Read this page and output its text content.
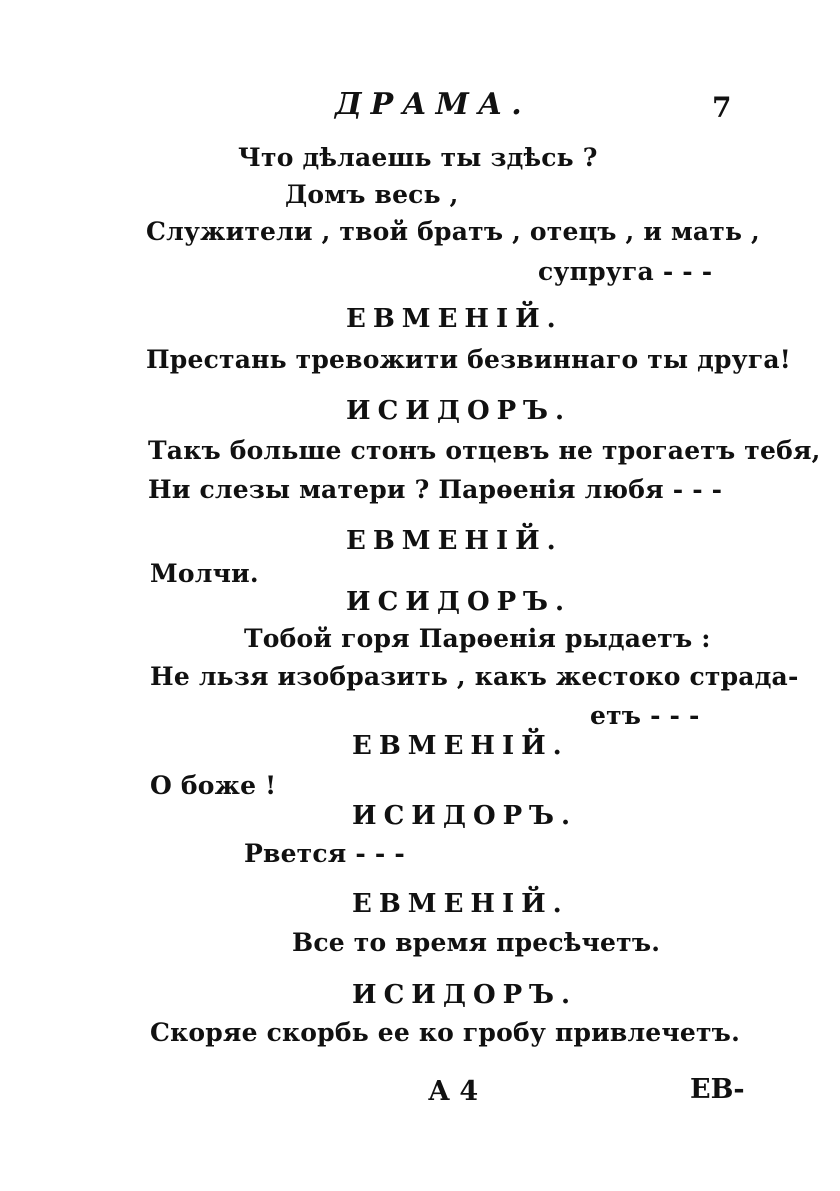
ДРАМА.	7
Что дѣлаешь ты здѣсь ?
Домъ весь ,
Служители , твой братъ , отецъ , и мать ,
супруга - - -
ЕВМЕНІЙ.
Престань тревожити безвиннаго ты друга!
ИСИДОРЪ.
Такъ больше стонъ отцевъ не трогаетъ тебя,
Ни слезы матери ? Парѳенія любя - - -
ЕВМЕНІЙ.
Молчи.
ИСИДОРЪ.
Тобой горя Парѳенія рыдаетъ :
Не льзя изобразить , какъ жестоко страда-
етъ - - -
ЕВМЕНІЙ.
О боже !
ИСИДОРЪ.
Рвется - - -
ЕВМЕНІЙ.
Все то время пресѣчетъ.
ИСИДОРЪ.
Скоряе скорбь ее ко гробу привлечетъ.
А 4	ЕВ-
